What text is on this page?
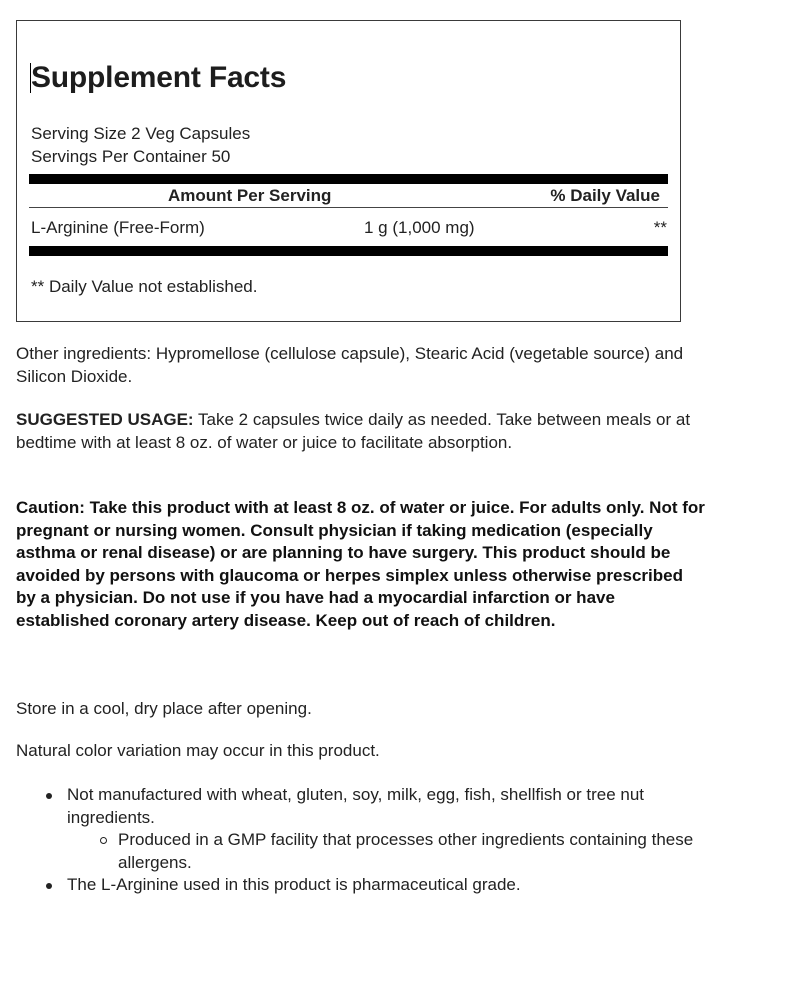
Supplement Facts
Serving Size 2 Veg Capsules
Servings Per Container 50
Amount Per Serving	% Daily Value
L-Arginine (Free-Form)	1 g (1,000 mg)	**
** Daily Value not established.

Other ingredients: Hypromellose (cellulose capsule), Stearic Acid (vegetable source) and Silicon Dioxide.

SUGGESTED USAGE: Take 2 capsules twice daily as needed. Take between meals or at bedtime with at least 8 oz. of water or juice to facilitate absorption.

Caution: Take this product with at least 8 oz. of water or juice. For adults only. Not for pregnant or nursing women. Consult physician if taking medication (especially asthma or renal disease) or are planning to have surgery. This product should be avoided by persons with glaucoma or herpes simplex unless otherwise prescribed by a physician. Do not use if you have had a myocardial infarction or have established coronary artery disease. Keep out of reach of children.

Store in a cool, dry place after opening.

Natural color variation may occur in this product.

Not manufactured with wheat, gluten, soy, milk, egg, fish, shellfish or tree nut ingredients.
Produced in a GMP facility that processes other ingredients containing these allergens.
The L-Arginine used in this product is pharmaceutical grade.
